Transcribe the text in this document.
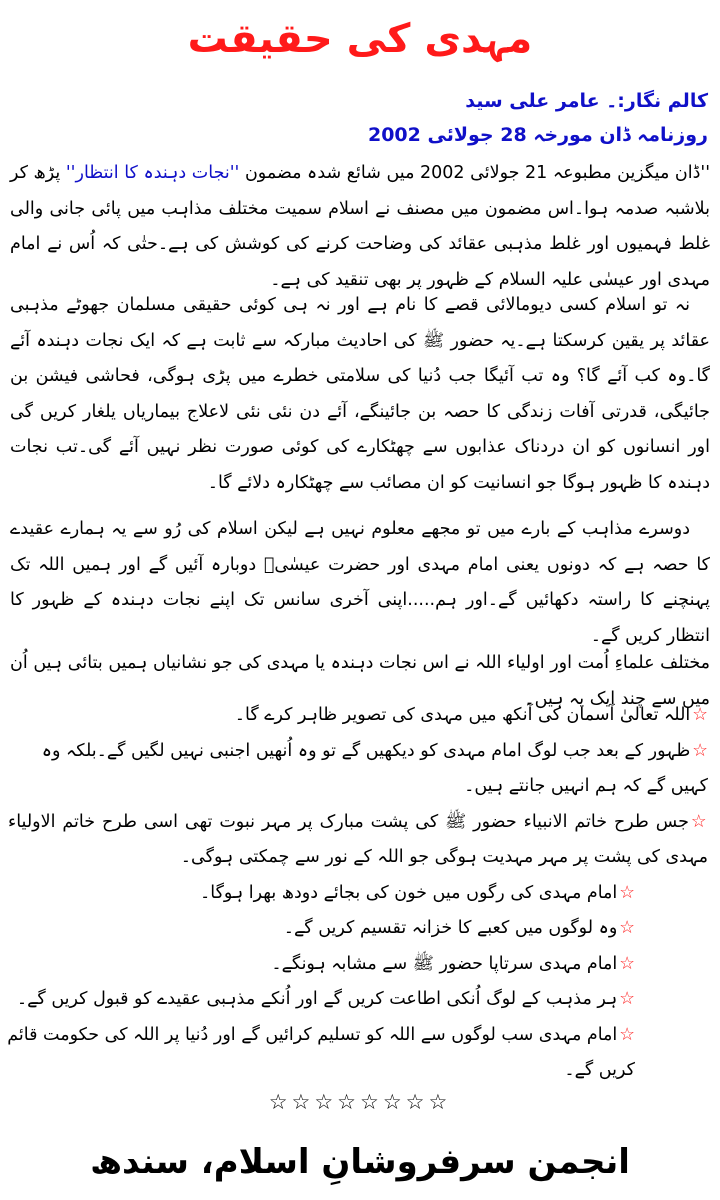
مہدی کی حقیقت
کالم نگار:۔ عامر علی سید
روزنامہ ڈان مورخہ 28 جولائی 2002

''ڈان میگزین مطبوعہ 21 جولائی 2002 میں شائع شدہ مضمون ''نجات دہندہ کا انتظار'' پڑھ کر بلاشبہ صدمہ ہوا۔اس مضمون میں مصنف نے اسلام سمیت مختلف مذاہب میں پائی جانی والی غلط فہمیوں اور غلط مذہبی عقائد کی وضاحت کرنے کی کوشش کی ہے۔حتٰی کہ اُس نے امام مہدی اور عیسٰی علیہ السلام کے ظہور پر بھی تنقید کی ہے۔

نہ تو اسلام کسی دیومالائی قصے کا نام ہے اور نہ ہی کوئی حقیقی مسلمان جھوٹے مذہبی عقائد پر یقین کرسکتا ہے۔یہ حضور ﷺ کی احادیث مبارکہ سے ثابت ہے کہ ایک نجات دہندہ آئے گا۔وہ کب آئے گا؟ وہ تب آئیگا جب دُنیا کی سلامتی خطرے میں پڑی ہوگی، فحاشی فیشن بن جائیگی، قدرتی آفات زندگی کا حصہ بن جائینگے، آئے دن نئی نئی لاعلاج بیماریاں یلغار کریں گی اور انسانوں کو ان دردناک عذابوں سے چھٹکارے کی کوئی صورت نظر نہیں آئے گی۔تب نجات دہندہ کا ظہور ہوگا جو انسانیت کو ان مصائب سے چھٹکارہ دلائے گا۔

دوسرے مذاہب کے بارے میں تو مجھے معلوم نہیں ہے لیکن اسلام کی رُو سے یہ ہمارے عقیدے کا حصہ ہے کہ دونوں یعنی امام مہدی اور حضرت عیسٰیؑ دوبارہ آئیں گے اور ہمیں اللہ تک پہنچنے کا راستہ دکھائیں گے۔اور ہم.....اپنی آخری سانس تک اپنے نجات دہندہ کے ظہور کا انتظار کریں گے۔

مختلف علماءِ اُمت اور اولیاء اللہ نے اس نجات دہندہ یا مہدی کی جو نشانیاں ہمیں بتائی ہیں اُن میں سے چند ایک یہ ہیں۔

☆اللہ تعالیٰ آسمان کی آنکھ میں مہدی کی تصویر ظاہر کرے گا۔
☆ظہور کے بعد جب لوگ امام مہدی کو دیکھیں گے تو وہ اُنھیں اجنبی نہیں لگیں گے۔بلکہ وہ کہیں گے کہ ہم انہیں جانتے ہیں۔
☆جس طرح خاتم الانبیاء حضور ﷺ کی پشت مبارک پر مہر نبوت تھی اسی طرح خاتم الاولیاء مہدی کی پشت پر مہر مہدیت ہوگی جو اللہ کے نور سے چمکتی ہوگی۔
☆امام مہدی کی رگوں میں خون کی بجائے دودھ بھرا ہوگا۔
☆وہ لوگوں میں کعبے کا خزانہ تقسیم کریں گے۔
☆امام مہدی سرتاپا حضور ﷺ سے مشابہ ہونگے۔
☆ہر مذہب کے لوگ اُنکی اطاعت کریں گے اور اُنکے مذہبی عقیدے کو قبول کریں گے۔
☆امام مہدی سب لوگوں سے اللہ کو تسلیم کرائیں گے اور دُنیا پر اللہ کی حکومت قائم کریں گے۔
☆☆☆☆☆☆☆☆
انجمن سرفروشانِ اسلام، سندھ
